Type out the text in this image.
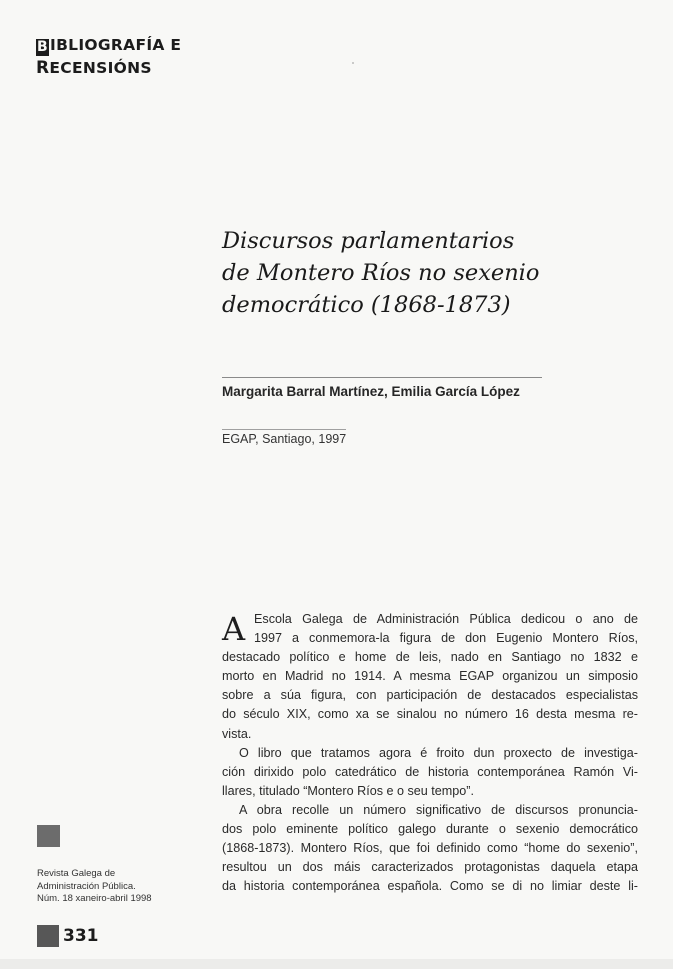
B IBLIOGRAFÍA E
RECENSIÓNS
Discursos parlamentarios
de Montero Ríos no sexenio
democrático (1868-1873)
Margarita Barral Martínez, Emilia García López
EGAP, Santiago, 1997
A Escola Galega de Administración Pública dedicou o ano de
1997 a conmemora-la figura de don Eugenio Montero Ríos,
destacado político e home de leis, nado en Santiago no 1832 e
morto en Madrid no 1914. A mesma EGAP organizou un simposio
sobre a súa figura, con participación de destacados especialistas
do século XIX, como xa se sinalou no número 16 desta mesma re-
vista.
O libro que tratamos agora é froito dun proxecto de investiga-
ción dirixido polo catedrático de historia contemporánea Ramón Vi-
llares, titulado “Montero Ríos e o seu tempo”.
A obra recolle un número significativo de discursos pronuncia-
dos polo eminente político galego durante o sexenio democrático
(1868-1873). Montero Ríos, que foi definido como “home do sexenio”,
resultou un dos máis caracterizados protagonistas daquela etapa
da historia contemporánea española. Como se di no limiar deste li-
Revista Galega de
Administración Pública.
Núm. 18 xaneiro-abril 1998
331
